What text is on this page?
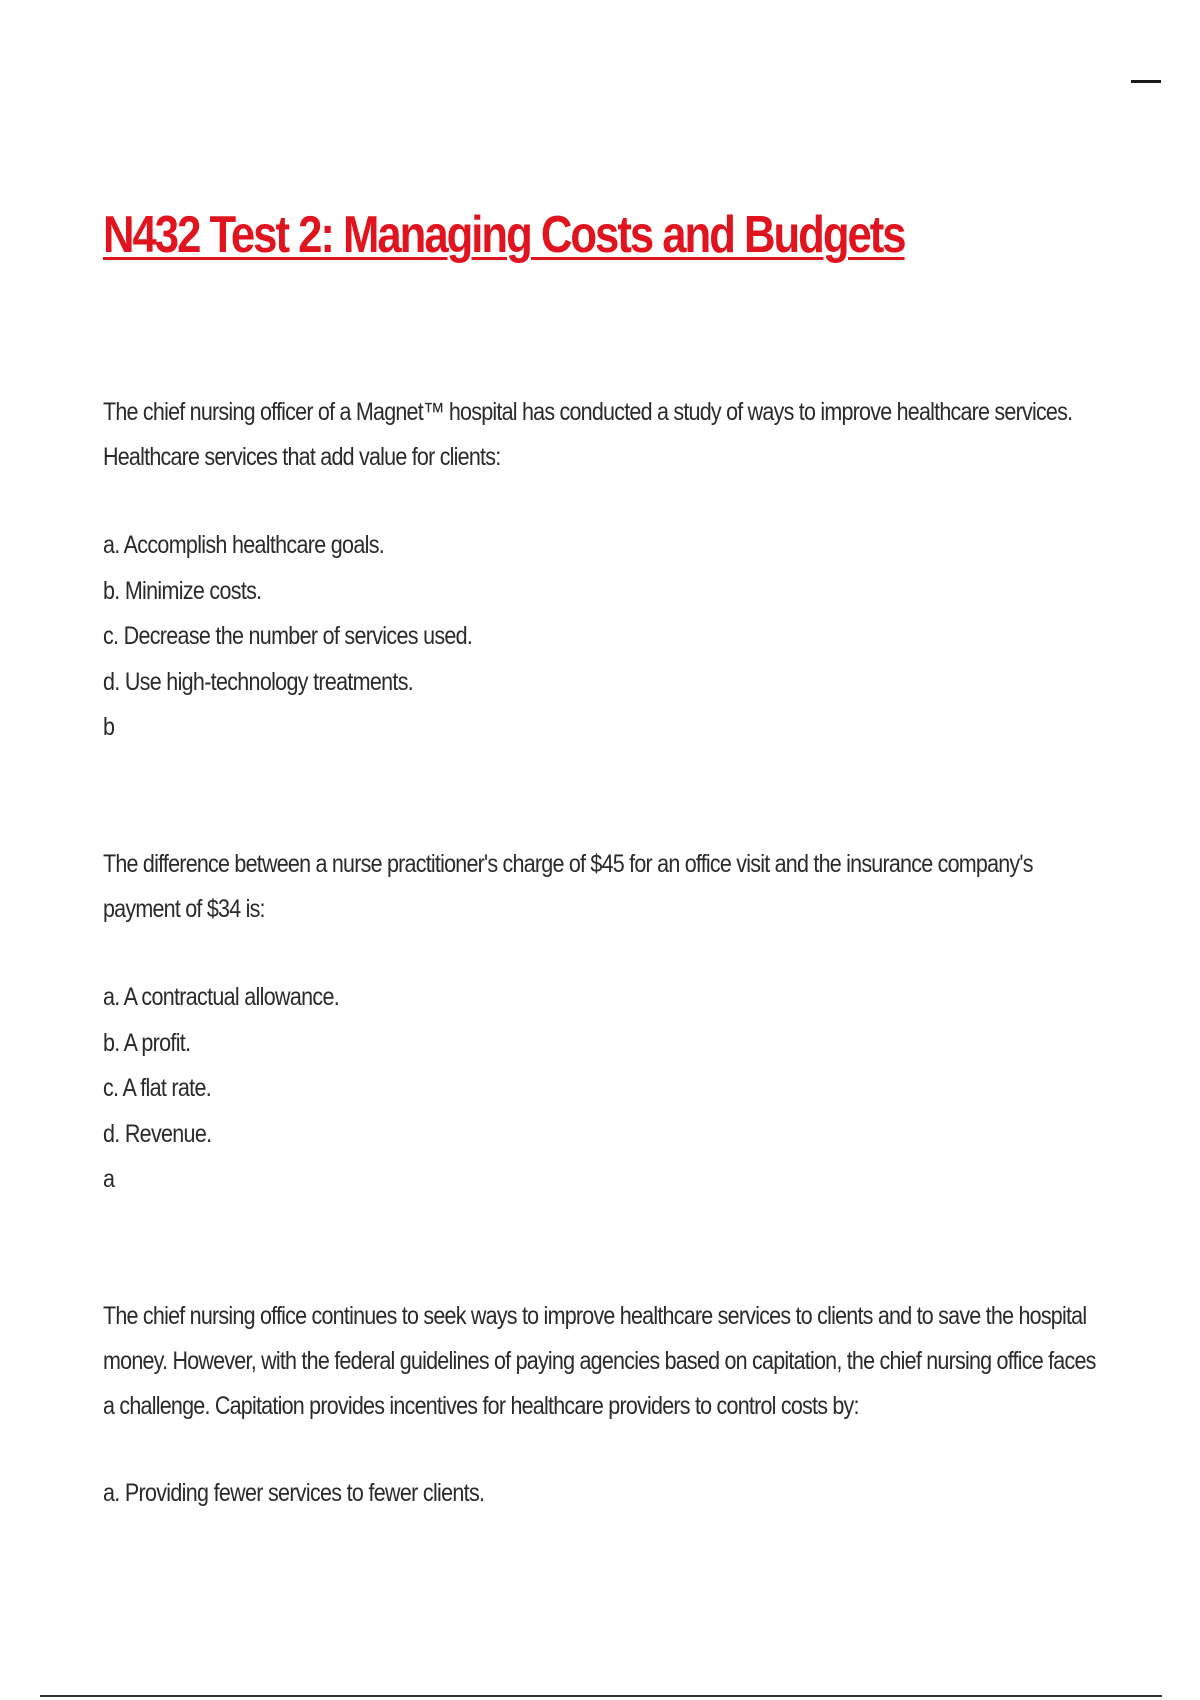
N432 Test 2: Managing Costs and Budgets

The chief nursing officer of a Magnet™ hospital has conducted a study of ways to improve healthcare services. Healthcare services that add value for clients:

a. Accomplish healthcare goals.
b. Minimize costs.
c. Decrease the number of services used.
d. Use high-technology treatments.
b

The difference between a nurse practitioner's charge of $45 for an office visit and the insurance company's payment of $34 is:

a. A contractual allowance.
b. A profit.
c. A flat rate.
d. Revenue.
a

The chief nursing office continues to seek ways to improve healthcare services to clients and to save the hospital money. However, with the federal guidelines of paying agencies based on capitation, the chief nursing office faces a challenge. Capitation provides incentives for healthcare providers to control costs by:

a. Providing fewer services to fewer clients.
